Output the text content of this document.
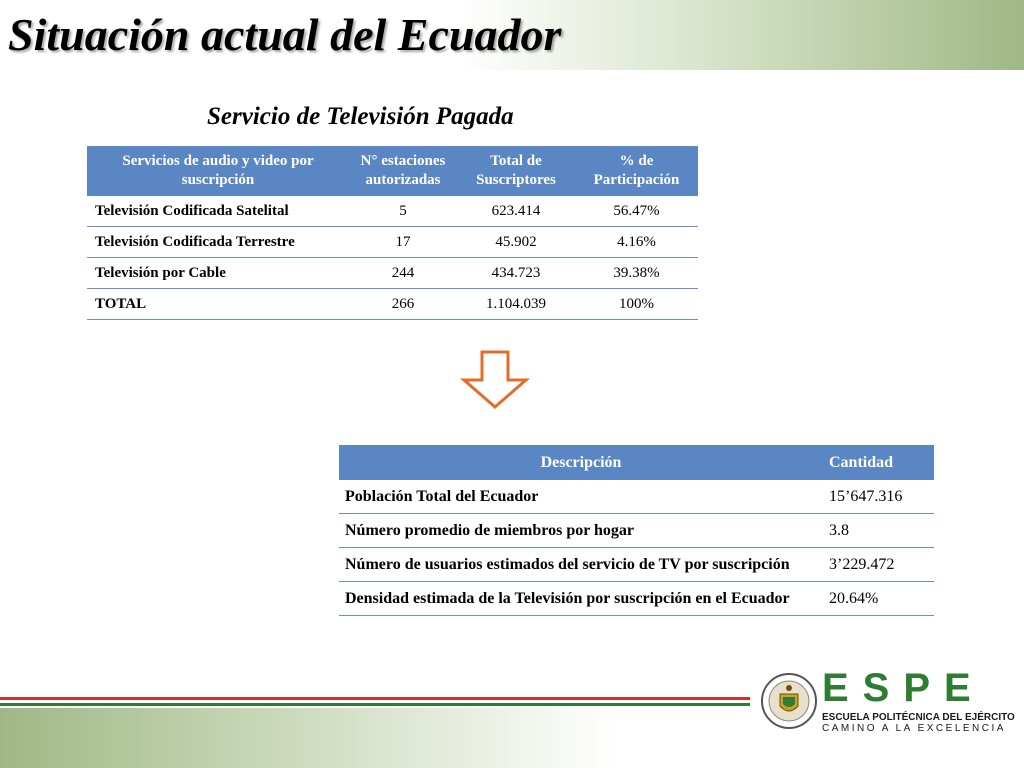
Situación actual del Ecuador
Servicio de Televisión Pagada
Servicios de audio y video por suscripción	N° estaciones autorizadas	Total de Suscriptores	% de Participación
Televisión Codificada Satelital	5	623.414	56.47%
Televisión Codificada Terrestre	17	45.902	4.16%
Televisión por Cable	244	434.723	39.38%
TOTAL	266	1.104.039	100%
Descripción	Cantidad
Población Total del Ecuador	15’647.316
Número promedio de miembros por hogar	3.8
Número de usuarios estimados del servicio de TV por suscripción	3’229.472
Densidad estimada de la Televisión por suscripción en el Ecuador	20.64%
ESPE
ESCUELA POLITÉCNICA DEL EJÉRCITO
CAMINO A LA EXCELENCIA
